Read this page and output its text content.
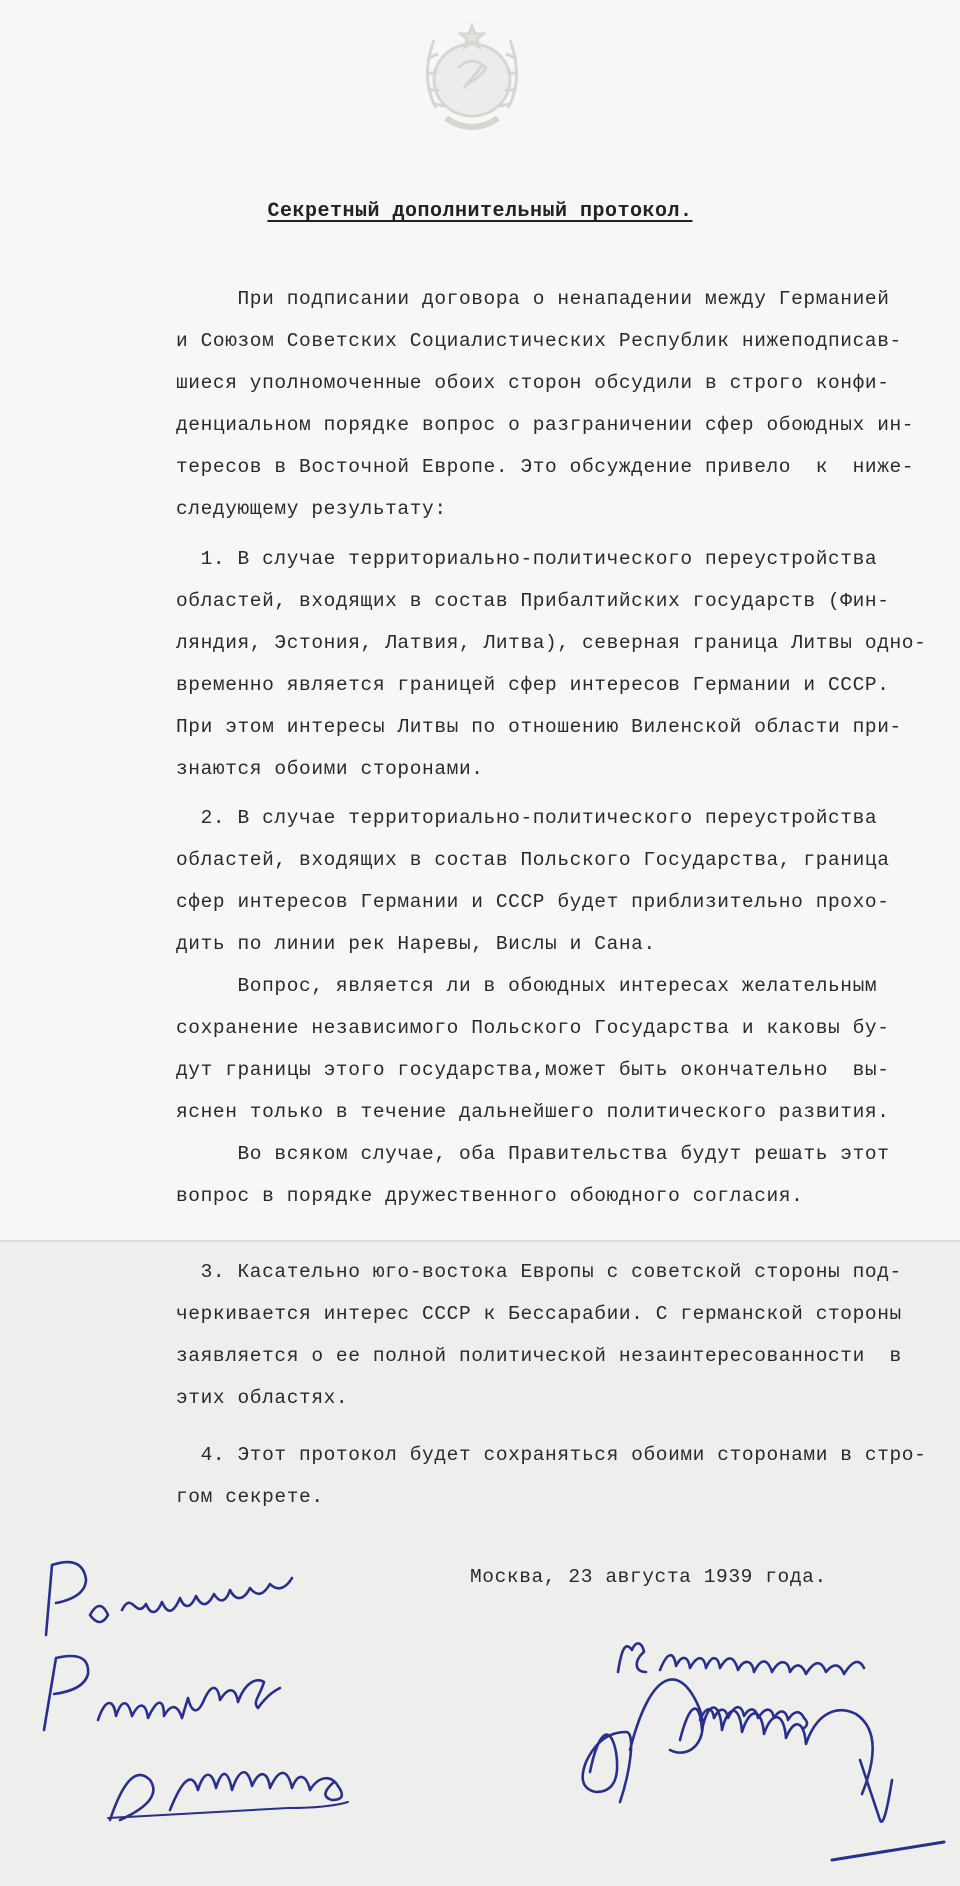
Секретный дополнительный протокол.
При подписании договора о ненападении между Германией
и Союзом Советских Социалистических Республик нижеподписав-
шиеся уполномоченные обоих сторон обсудили в строго конфи-
денциальном порядке вопрос о разграничении сфер обоюдных ин-
тересов в Восточной Европе. Это обсуждение привело  к  ниже-
следующему результату:
1. В случае территориально-политического переустройства
областей, входящих в состав Прибалтийских государств (Фин-
ляндия, Эстония, Латвия, Литва), северная граница Литвы одно-
временно является границей сфер интересов Германии и СССР.
При этом интересы Литвы по отношению Виленской области при-
знаются обоими сторонами.
2. В случае территориально-политического переустройства
областей, входящих в состав Польского Государства, граница
сфер интересов Германии и СССР будет приблизительно прохо-
дить по линии рек Наревы, Вислы и Сана.
Вопрос, является ли в обоюдных интересах желательным
сохранение независимого Польского Государства и каковы бу-
дут границы этого государства,может быть окончательно  вы-
яснен только в течение дальнейшего политического развития.
Во всяком случае, оба Правительства будут решать этот
вопрос в порядке дружественного обоюдного согласия.
3. Касательно юго-востока Европы с советской стороны под-
черкивается интерес СССР к Бессарабии. С германской стороны
заявляется о ее полной политической незаинтересованности  в
этих областях.
4. Этот протокол будет сохраняться обоими сторонами в стро-
гом секрете.
Москва, 23 августа 1939 года.
